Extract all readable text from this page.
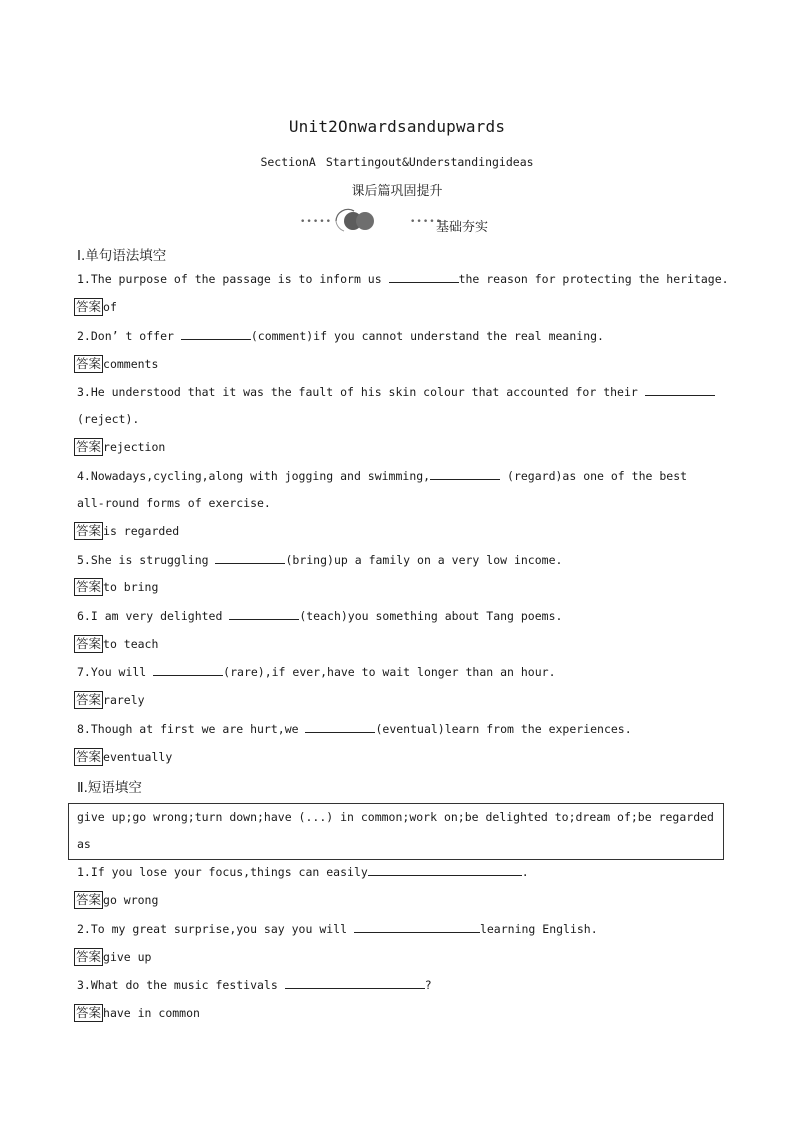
Unit2Onwardsandupwards
SectionA Startingout&Understandingideas
课后篇巩固提升
•••••	•••••
基础夯实
Ⅰ.单句语法填空
1.The purpose of the passage is to inform us	the reason for protecting the heritage.
答案 of
2.Don’ t offer	(comment)if you cannot understand the real meaning.
答案 comments
3.He understood that it was the fault of his skin colour that accounted for their
(reject).
答案 rejection
4.Nowadays,cycling,along with jogging and swimming,	(regard)as one of the best
all-round forms of exercise.
答案 is regarded
5.She is struggling	(bring)up a family on a very low income.
答案 to bring
6.I am very delighted	(teach)you something about Tang poems.
答案 to teach
7.You will	(rare),if ever,have to wait longer than an hour.
答案 rarely
8.Though at first we are hurt,we	(eventual)learn from the experiences.
答案 eventually
Ⅱ.短语填空
give up;go wrong;turn down;have (...) in common;work on;be delighted to;dream of;be regarded as
1.If you lose your focus,things can easily	.
答案 go wrong
2.To my great surprise,you say you will	learning English.
答案 give up
3.What do the music festivals	?
答案 have in common
